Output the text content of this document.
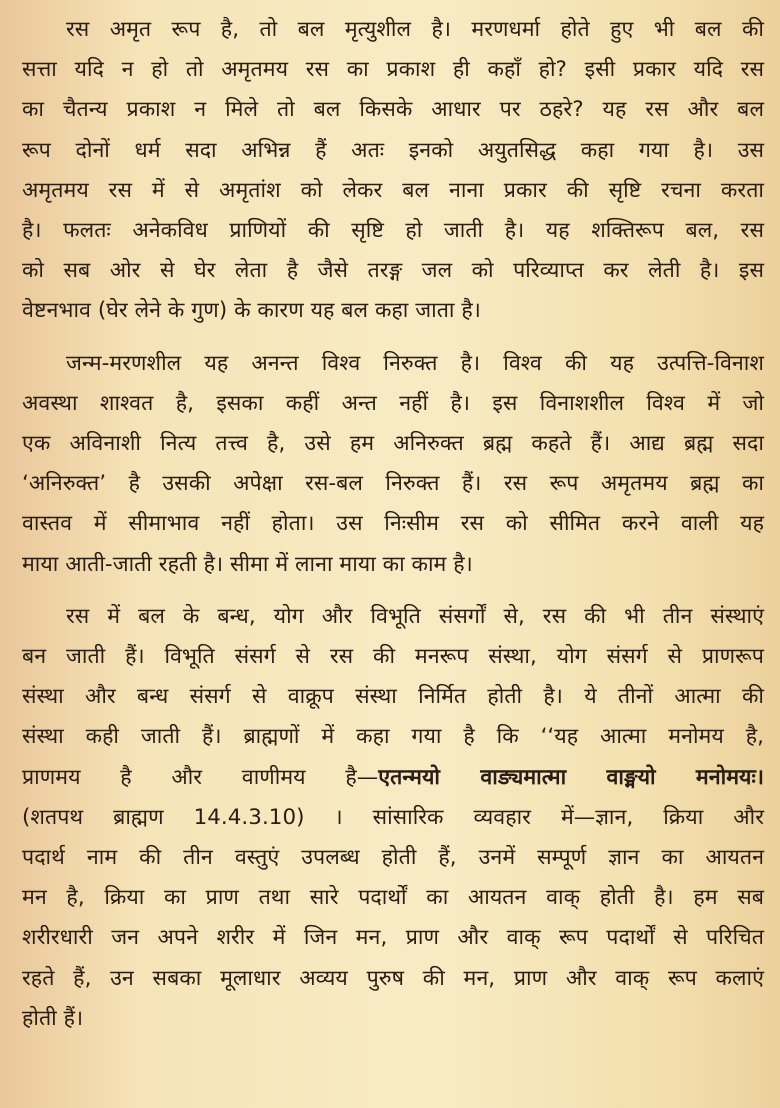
रस अमृत रूप है, तो बल मृत्युशील है। मरणधर्मा होते हुए भी बल की
सत्ता यदि न हो तो अमृतमय रस का प्रकाश ही कहाँ हो? इसी प्रकार यदि रस
का चैतन्य प्रकाश न मिले तो बल किसके आधार पर ठहरे? यह रस और बल
रूप दोनों धर्म सदा अभिन्न हैं अतः इनको अयुतसिद्ध कहा गया है। उस
अमृतमय रस में से अमृतांश को लेकर बल नाना प्रकार की सृष्टि रचना करता
है। फलतः अनेकविध प्राणियों की सृष्टि हो जाती है। यह शक्तिरूप बल, रस
को सब ओर से घेर लेता है जैसे तरङ्ग जल को परिव्याप्त कर लेती है। इस
वेष्टनभाव (घेर लेने के गुण) के कारण यह बल कहा जाता है।

जन्म-मरणशील यह अनन्त विश्व निरुक्त है। विश्व की यह उत्पत्ति-विनाश
अवस्था शाश्वत है, इसका कहीं अन्त नहीं है। इस विनाशशील विश्व में जो
एक अविनाशी नित्य तत्त्व है, उसे हम अनिरुक्त ब्रह्म कहते हैं। आद्य ब्रह्म सदा
‘अनिरुक्त’ है उसकी अपेक्षा रस-बल निरुक्त हैं। रस रूप अमृतमय ब्रह्म का
वास्तव में सीमाभाव नहीं होता। उस निःसीम रस को सीमित करने वाली यह
माया आती-जाती रहती है। सीमा में लाना माया का काम है।

रस में बल के बन्ध, योग और विभूति संसर्गों से, रस की भी तीन संस्थाएं
बन जाती हैं। विभूति संसर्ग से रस की मनरूप संस्था, योग संसर्ग से प्राणरूप
संस्था और बन्ध संसर्ग से वाक्रूप संस्था निर्मित होती है। ये तीनों आत्मा की
संस्था कही जाती हैं। ब्राह्मणों में कहा गया है कि ‘‘यह आत्मा मनोमय है,
प्राणमय है और वाणीमय है—एतन्मयो वाङ्यमात्मा वाङ्मयो मनोमयः।
(शतपथ ब्राह्मण 14.4.3.10) । सांसारिक व्यवहार में—ज्ञान, क्रिया और
पदार्थ नाम की तीन वस्तुएं उपलब्ध होती हैं, उनमें सम्पूर्ण ज्ञान का आयतन
मन है, क्रिया का प्राण तथा सारे पदार्थों का आयतन वाक् होती है। हम सब
शरीरधारी जन अपने शरीर में जिन मन, प्राण और वाक् रूप पदार्थों से परिचित
रहते हैं, उन सबका मूलाधार अव्यय पुरुष की मन, प्राण और वाक् रूप कलाएं
होती हैं।
